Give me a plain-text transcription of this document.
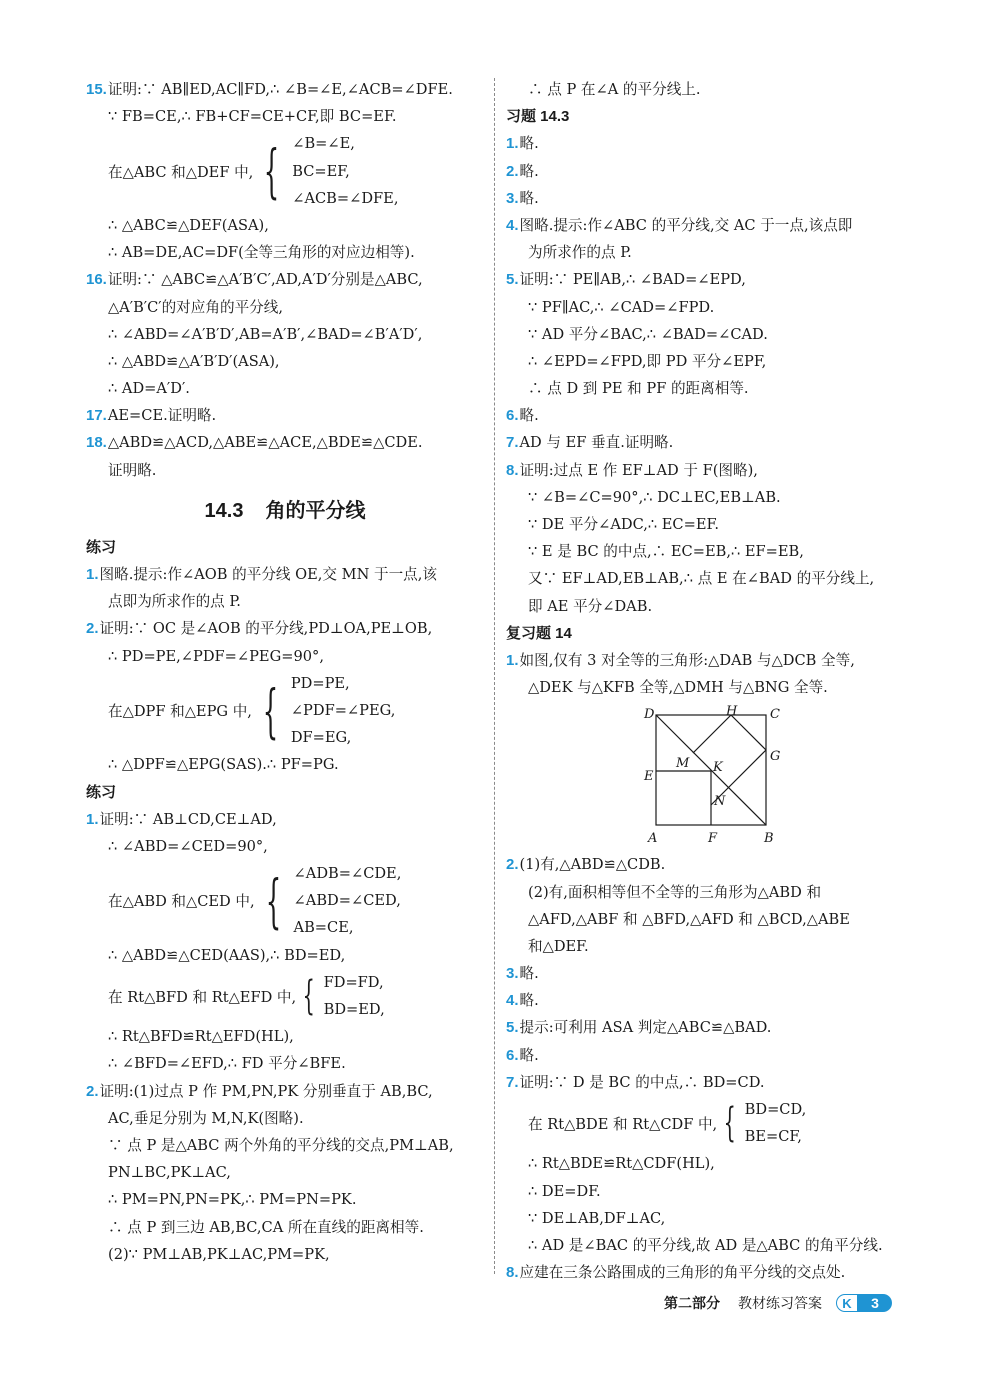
15.证明:∵ AB∥ED,AC∥FD,∴ ∠B=∠E,∠ACB=∠DFE.
∵ FB=CE,∴ FB+CF=CE+CF,即 BC=EF.
在△ABC 和△DEF 中, { ∠B=∠E,
BC=EF,
∠ACB=∠DFE,
∴ △ABC≌△DEF(ASA),
∴ AB=DE,AC=DF(全等三角形的对应边相等).
16.证明:∵ △ABC≌△A′B′C′,AD,A′D′分别是△ABC,
△A′B′C′的对应角的平分线,
∴ ∠ABD=∠A′B′D′,AB=A′B′,∠BAD=∠B′A′D′,
∴ △ABD≌△A′B′D′(ASA),
∴ AD=A′D′.
17.AE=CE.证明略.
18.△ABD≌△ACD,△ABE≌△ACE,△BDE≌△CDE.
证明略.
14.3 角的平分线
练习
1.图略.提示:作∠AOB 的平分线 OE,交 MN 于一点,该
点即为所求作的点 P.
2.证明:∵ OC 是∠AOB 的平分线,PD⊥OA,PE⊥OB,
∴ PD=PE,∠PDF=∠PEG=90°,
在△DPF 和△EPG 中, { PD=PE,
∠PDF=∠PEG,
DF=EG,
∴ △DPF≌△EPG(SAS).∴ PF=PG.
练习
1.证明:∵ AB⊥CD,CE⊥AD,
∴ ∠ABD=∠CED=90°,
在△ABD 和△CED 中, { ∠ADB=∠CDE,
∠ABD=∠CED,
AB=CE,
∴ △ABD≌△CED(AAS),∴ BD=ED,
在 Rt△BFD 和 Rt△EFD 中, { FD=FD,
BD=ED,
∴ Rt△BFD≌Rt△EFD(HL),
∴ ∠BFD=∠EFD,∴ FD 平分∠BFE.
2.证明:(1)过点 P 作 PM,PN,PK 分别垂直于 AB,BC,
AC,垂足分别为 M,N,K(图略).
∵ 点 P 是△ABC 两个外角的平分线的交点,PM⊥AB,
PN⊥BC,PK⊥AC,
∴ PM=PN,PN=PK,∴ PM=PN=PK.
∴ 点 P 到三边 AB,BC,CA 所在直线的距离相等.
(2)∵ PM⊥AB,PK⊥AC,PM=PK,
∴ 点 P 在∠A 的平分线上.
习题 14.3
1.略.
2.略.
3.略.
4.图略.提示:作∠ABC 的平分线,交 AC 于一点,该点即
为所求作的点 P.
5.证明:∵ PE∥AB,∴ ∠BAD=∠EPD,
∵ PF∥AC,∴ ∠CAD=∠FPD.
∵ AD 平分∠BAC,∴ ∠BAD=∠CAD.
∴ ∠EPD=∠FPD,即 PD 平分∠EPF,
∴ 点 D 到 PE 和 PF 的距离相等.
6.略.
7.AD 与 EF 垂直.证明略.
8.证明:过点 E 作 EF⊥AD 于 F(图略),
∵ ∠B=∠C=90°,∴ DC⊥EC,EB⊥AB.
∵ DE 平分∠ADC,∴ EC=EF.
∵ E 是 BC 的中点,∴ EC=EB,∴ EF=EB,
又∵ EF⊥AD,EB⊥AB,∴ 点 E 在∠BAD 的平分线上,
即 AE 平分∠DAB.
复习题 14
1.如图,仅有 3 对全等的三角形:△DAB 与△DCB 全等,
△DEK 与△KFB 全等,△DMH 与△BNG 全等.
D	H	C
G
M K
E
N
A	F	B
2.(1)有,△ABD≌△CDB.
(2)有,面积相等但不全等的三角形为△ABD 和
△AFD,△ABF 和 △BFD,△AFD 和 △BCD,△ABE
和△DEF.
3.略.
4.略.
5.提示:可利用 ASA 判定△ABC≌△BAD.
6.略.
7.证明:∵ D 是 BC 的中点,∴ BD=CD.
在 Rt△BDE 和 Rt△CDF 中, { BD=CD,
BE=CF,
∴ Rt△BDE≌Rt△CDF(HL),
∴ DE=DF.
∵ DE⊥AB,DF⊥AC,
∴ AD 是∠BAC 的平分线,故 AD 是△ABC 的角平分线.
8.应建在三条公路围成的三角形的角平分线的交点处.
第二部分 教材练习答案	K	3
